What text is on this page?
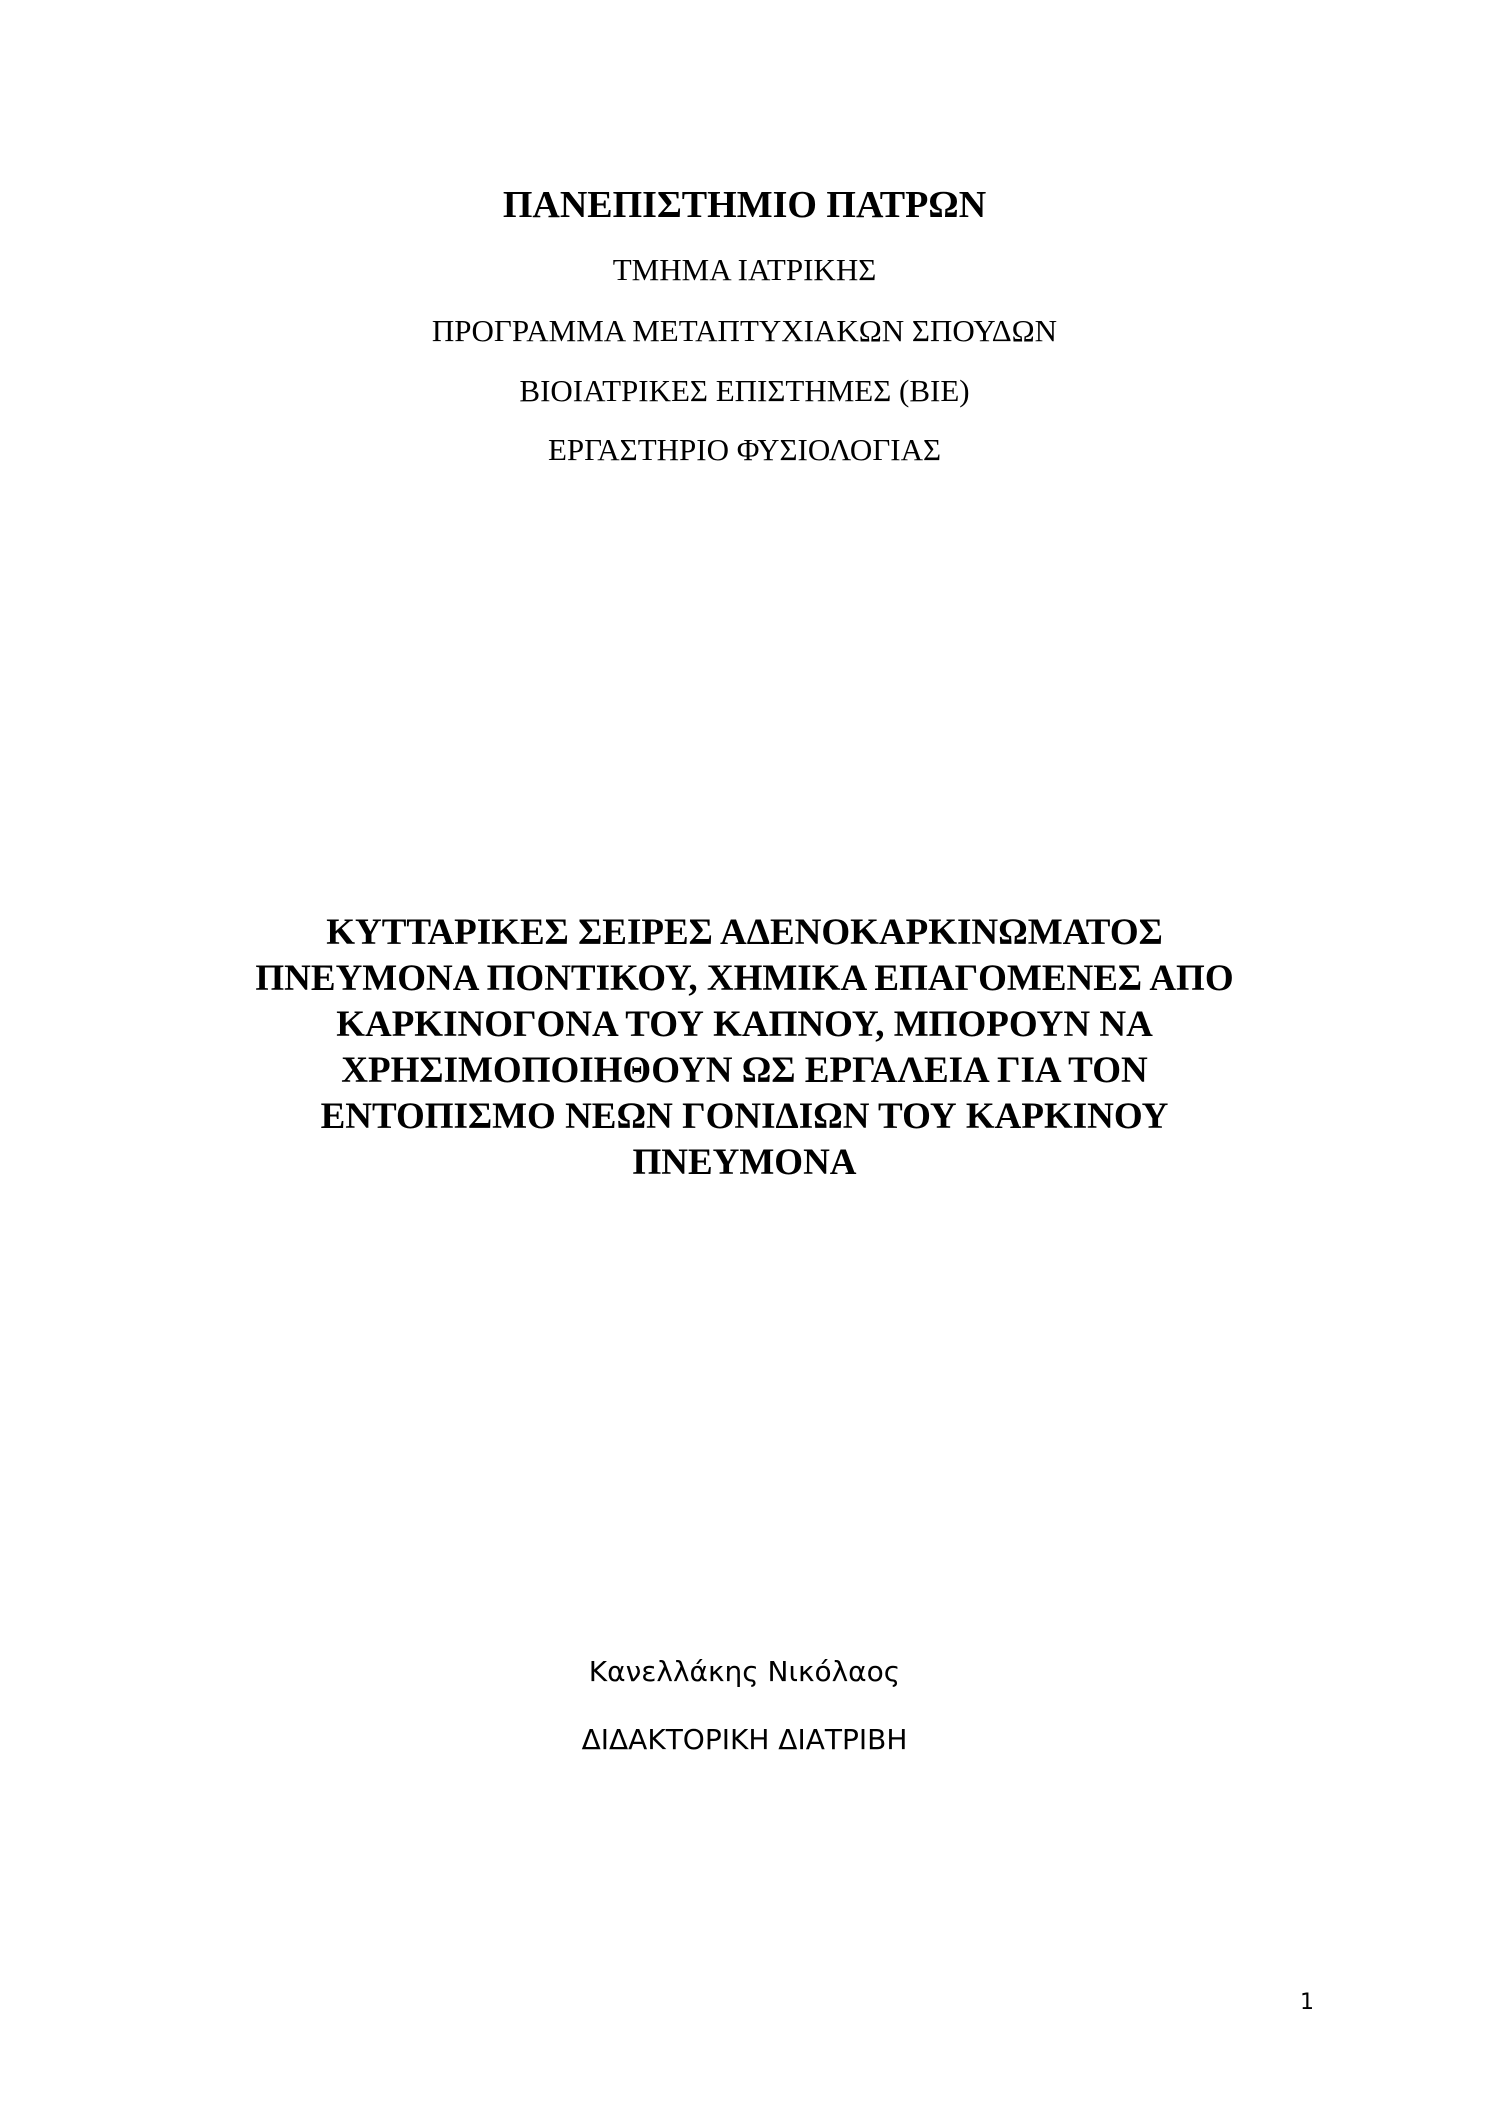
ΠΑΝΕΠΙΣΤΗΜΙΟ ΠΑΤΡΩΝ
ΤΜΗΜΑ ΙΑΤΡΙΚΗΣ
ΠΡΟΓΡΑΜΜΑ ΜΕΤΑΠΤΥΧΙΑΚΩΝ ΣΠΟΥΔΩΝ
ΒΙΟΙΑΤΡΙΚΕΣ ΕΠΙΣΤΗΜΕΣ (ΒΙΕ)
ΕΡΓΑΣΤΗΡΙΟ ΦΥΣΙΟΛΟΓΙΑΣ
ΚΥΤΤΑΡΙΚΕΣ ΣΕΙΡΕΣ ΑΔΕΝΟΚΑΡΚΙΝΩΜΑΤΟΣ
ΠΝΕΥΜΟΝΑ ΠΟΝΤΙΚΟΥ, ΧΗΜΙΚΑ ΕΠΑΓΟΜΕΝΕΣ ΑΠΟ
ΚΑΡΚΙΝΟΓΟΝΑ ΤΟΥ ΚΑΠΝΟΥ, ΜΠΟΡΟΥΝ ΝΑ
ΧΡΗΣΙΜΟΠΟΙΗΘΟΥΝ ΩΣ ΕΡΓΑΛΕΙΑ ΓΙΑ ΤΟΝ
ΕΝΤΟΠΙΣΜΟ ΝΕΩΝ ΓΟΝΙΔΙΩΝ ΤΟΥ ΚΑΡΚΙΝΟΥ
ΠΝΕΥΜΟΝΑ
Κανελλάκης Νικόλαος
ΔΙΔΑΚΤΟΡΙΚΗ ΔΙΑΤΡΙΒΗ
1
